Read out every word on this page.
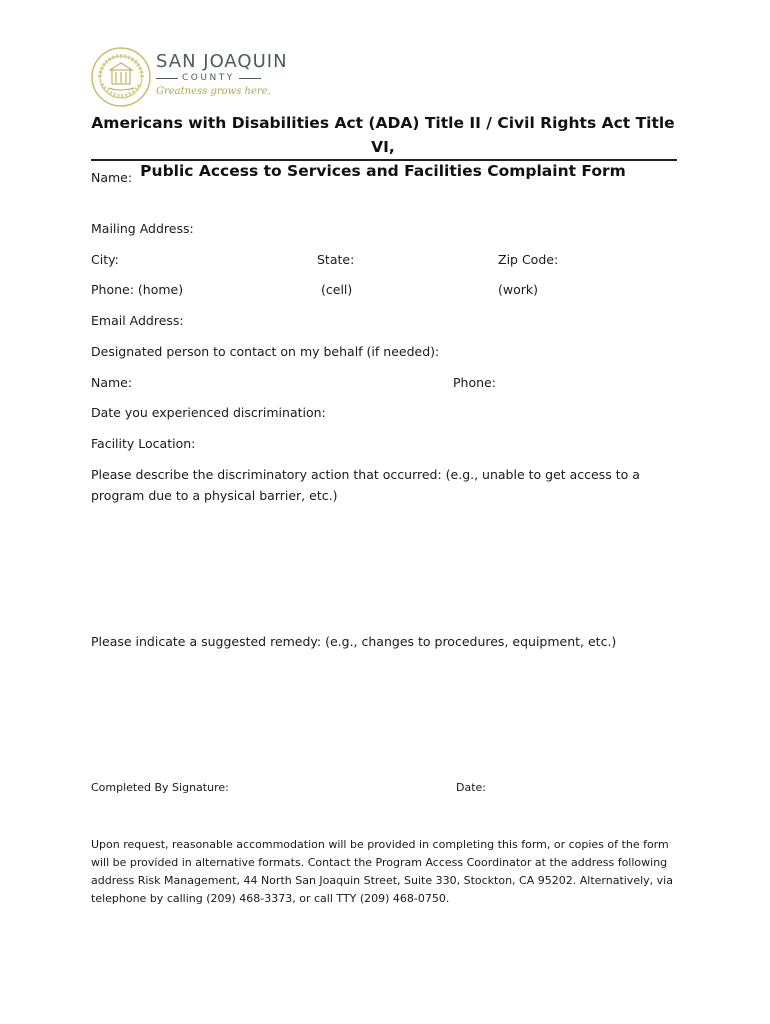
SAN JOAQUIN
COUNTY
Greatness grows here.
Americans with Disabilities Act (ADA) Title II / Civil Rights Act Title VI,
Public Access to Services and Facilities Complaint Form
Name:
Mailing Address:
City:	State:	Zip Code:
Phone: (home)	(cell)	(work)
Email Address:
Designated person to contact on my behalf (if needed):
Name:	Phone:
Date you experienced discrimination:
Facility Location:
Please describe the discriminatory action that occurred: (e.g., unable to get access to a program due to a physical barrier, etc.)
Please indicate a suggested remedy: (e.g., changes to procedures, equipment, etc.)
Completed By Signature:	Date:
Upon request, reasonable accommodation will be provided in completing this form, or copies of the form will be provided in alternative formats. Contact the Program Access Coordinator at the address following address Risk Management, 44 North San Joaquin Street, Suite 330, Stockton, CA 95202. Alternatively, via telephone by calling (209) 468-3373, or call TTY (209) 468-0750.
